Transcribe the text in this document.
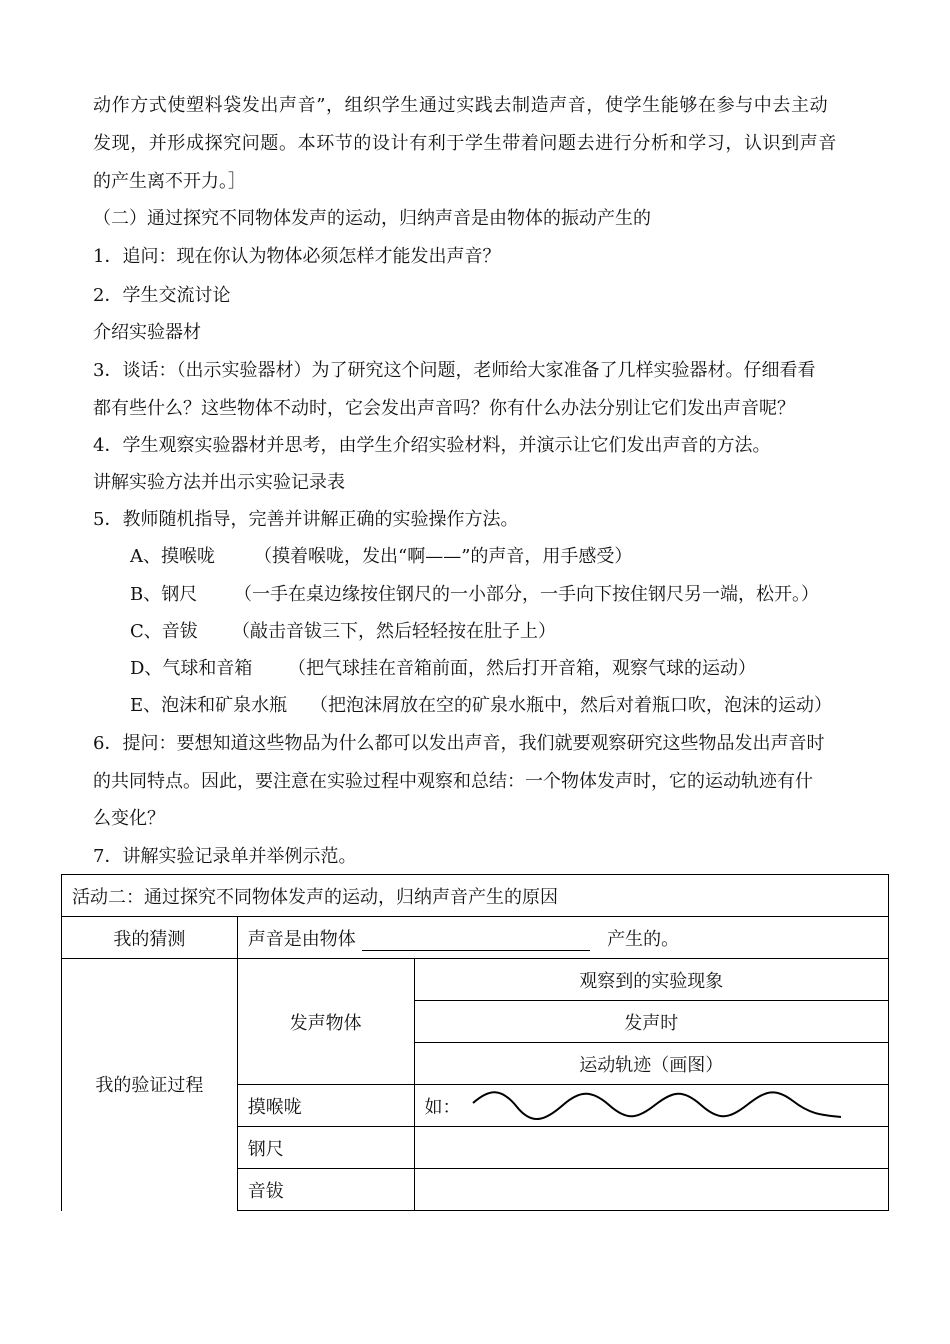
动作方式使塑料袋发出声音”，组织学生通过实践去制造声音，使学生能够在参与中去主动
发现，并形成探究问题。本环节的设计有利于学生带着问题去进行分析和学习，认识到声音
的产生离不开力。］
（二）通过探究不同物体发声的运动，归纳声音是由物体的振动产生的
1．追问：现在你认为物体必须怎样才能发出声音？
2．学生交流讨论
介绍实验器材
3．谈话：（出示实验器材）为了研究这个问题，老师给大家准备了几样实验器材。仔细看看
都有些什么？这些物体不动时，它会发出声音吗？你有什么办法分别让它们发出声音呢？
4．学生观察实验器材并思考，由学生介绍实验材料，并演示让它们发出声音的方法。
讲解实验方法并出示实验记录表
5．教师随机指导，完善并讲解正确的实验操作方法。
A、摸喉咙 （摸着喉咙，发出“啊——”的声音，用手感受）
B、钢尺 （一手在桌边缘按住钢尺的一小部分，一手向下按住钢尺另一端，松开。）
C、音钹 （敲击音钹三下，然后轻轻按在肚子上）
D、气球和音箱 （把气球挂在音箱前面，然后打开音箱，观察气球的运动）
E、泡沫和矿泉水瓶 （把泡沫屑放在空的矿泉水瓶中，然后对着瓶口吹，泡沫的运动）
6．提问：要想知道这些物品为什么都可以发出声音，我们就要观察研究这些物品发出声音时
的共同特点。因此，要注意在实验过程中观察和总结：一个物体发声时，它的运动轨迹有什
么变化？
7．讲解实验记录单并举例示范。
活动二：通过探究不同物体发声的运动，归纳声音产生的原因		
我的猜测	声音是由物体 产生的。	
我的验证过程	发声物体	观察到的实验现象
		发声时
		运动轨迹（画图）
	摸喉咙	如：

	钢尺	
	音钹	
